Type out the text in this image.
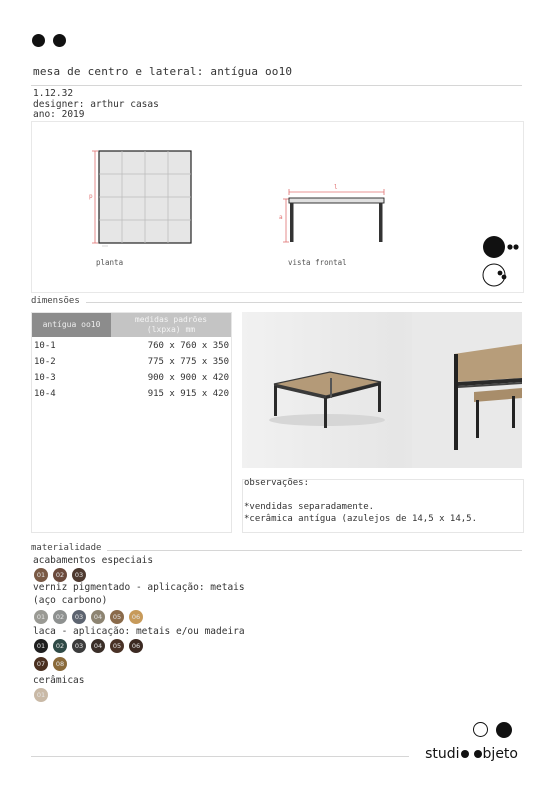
mesa de centro e lateral: antígua oo10
1.12.32
designer: arthur casas
ano: 2019
p
l
a
planta	vista frontal
dimensões
antígua oo10
medidas padrões
(lxpxa) mm
10-1	760 x 760 x 350
10-2	775 x 775 x 350
10-3	900 x 900 x 420
10-4	915 x 915 x 420
observações:
*vendidas separadamente.
*cerâmica antígua (azulejos de 14,5 x 14,5.
materialidade
acabamentos especiais
01	02	03
verniz pigmentado - aplicação: metais
(aço carbono)
01	02	03	04	05	06
laca - aplicação: metais e/ou madeira
01	02	03	04	05	06
07	08
cerâmicas
01
studi bjeto
